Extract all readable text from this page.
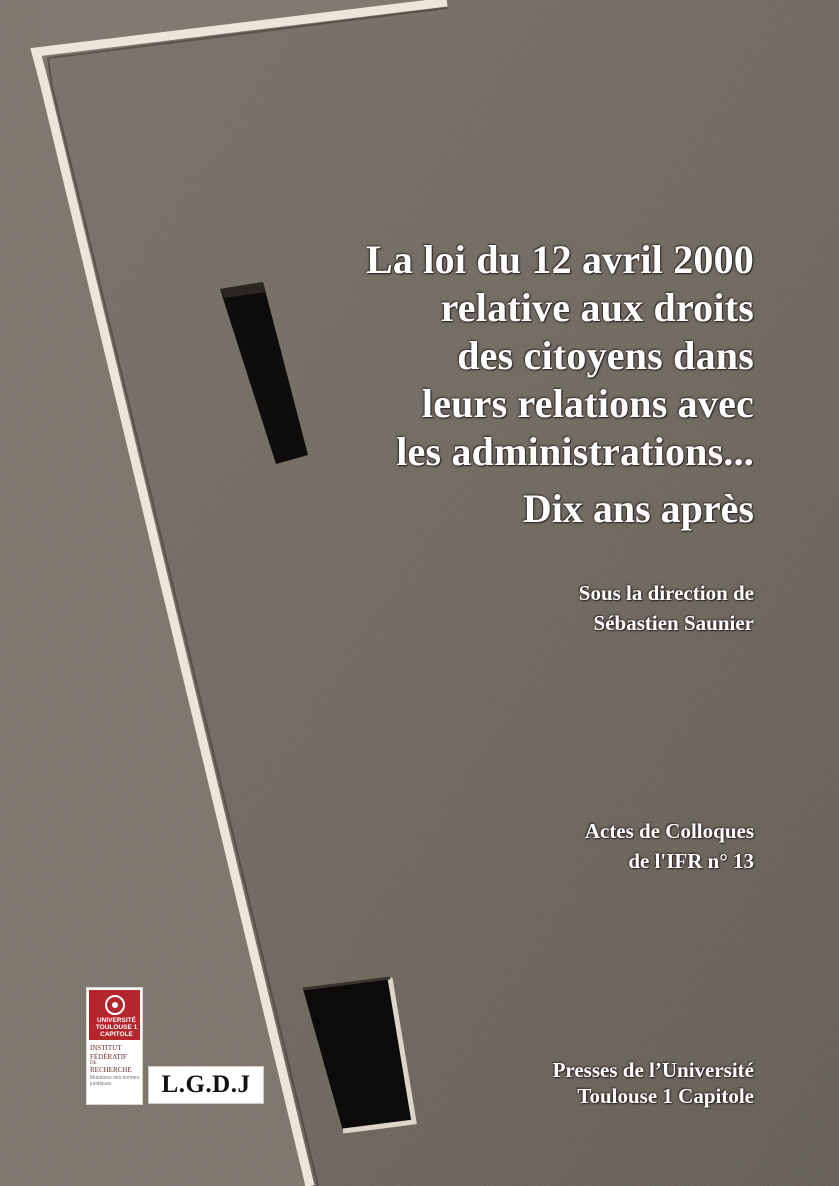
La loi du 12 avril 2000
relative aux droits
des citoyens dans
leurs relations avec
les administrations...
Dix ans après

Sous la direction de
Sébastien Saunier

Actes de Colloques
de l'IFR n° 13

Presses de l’Université
Toulouse 1 Capitole

UNIVERSITÉ
TOULOUSE 1
CAPITOLE
INSTITUT
FÉDÉRATIF
DE
RECHERCHE
Mutations des normes juridiques	L.G.D.J
